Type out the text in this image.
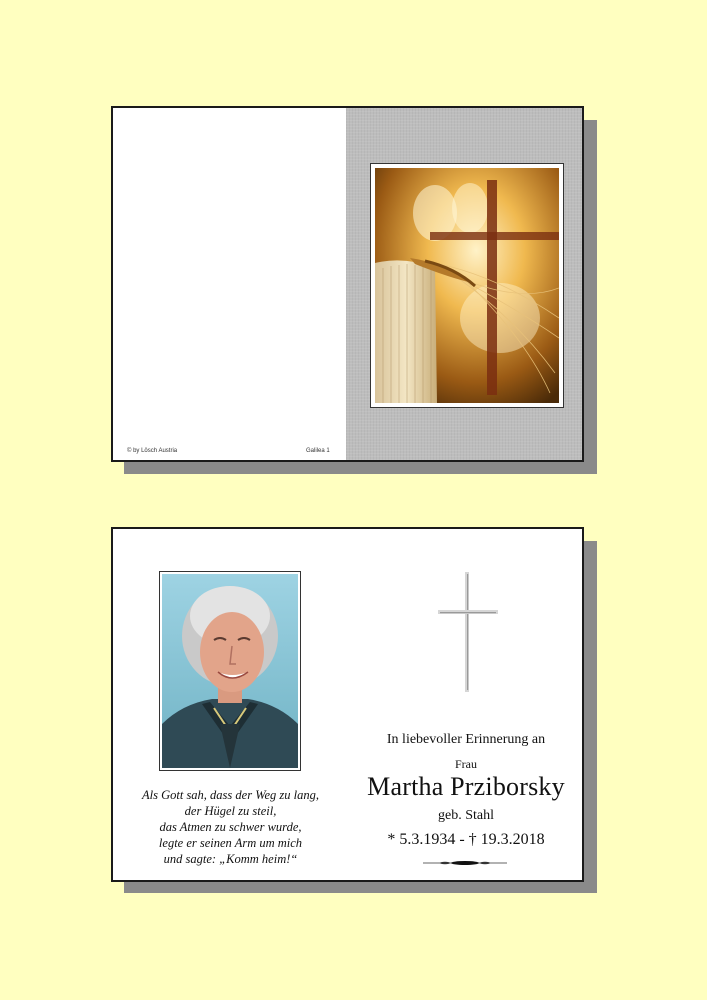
© by Lösch Austria	Galilea 1
Als Gott sah, dass der Weg zu lang,
der Hügel zu steil,
das Atmen zu schwer wurde,
legte er seinen Arm um mich
und sagte: „Komm heim!“
In liebevoller Erinnerung an
Frau
Martha Prziborsky
geb. Stahl
* 5.3.1934 - † 19.3.2018
